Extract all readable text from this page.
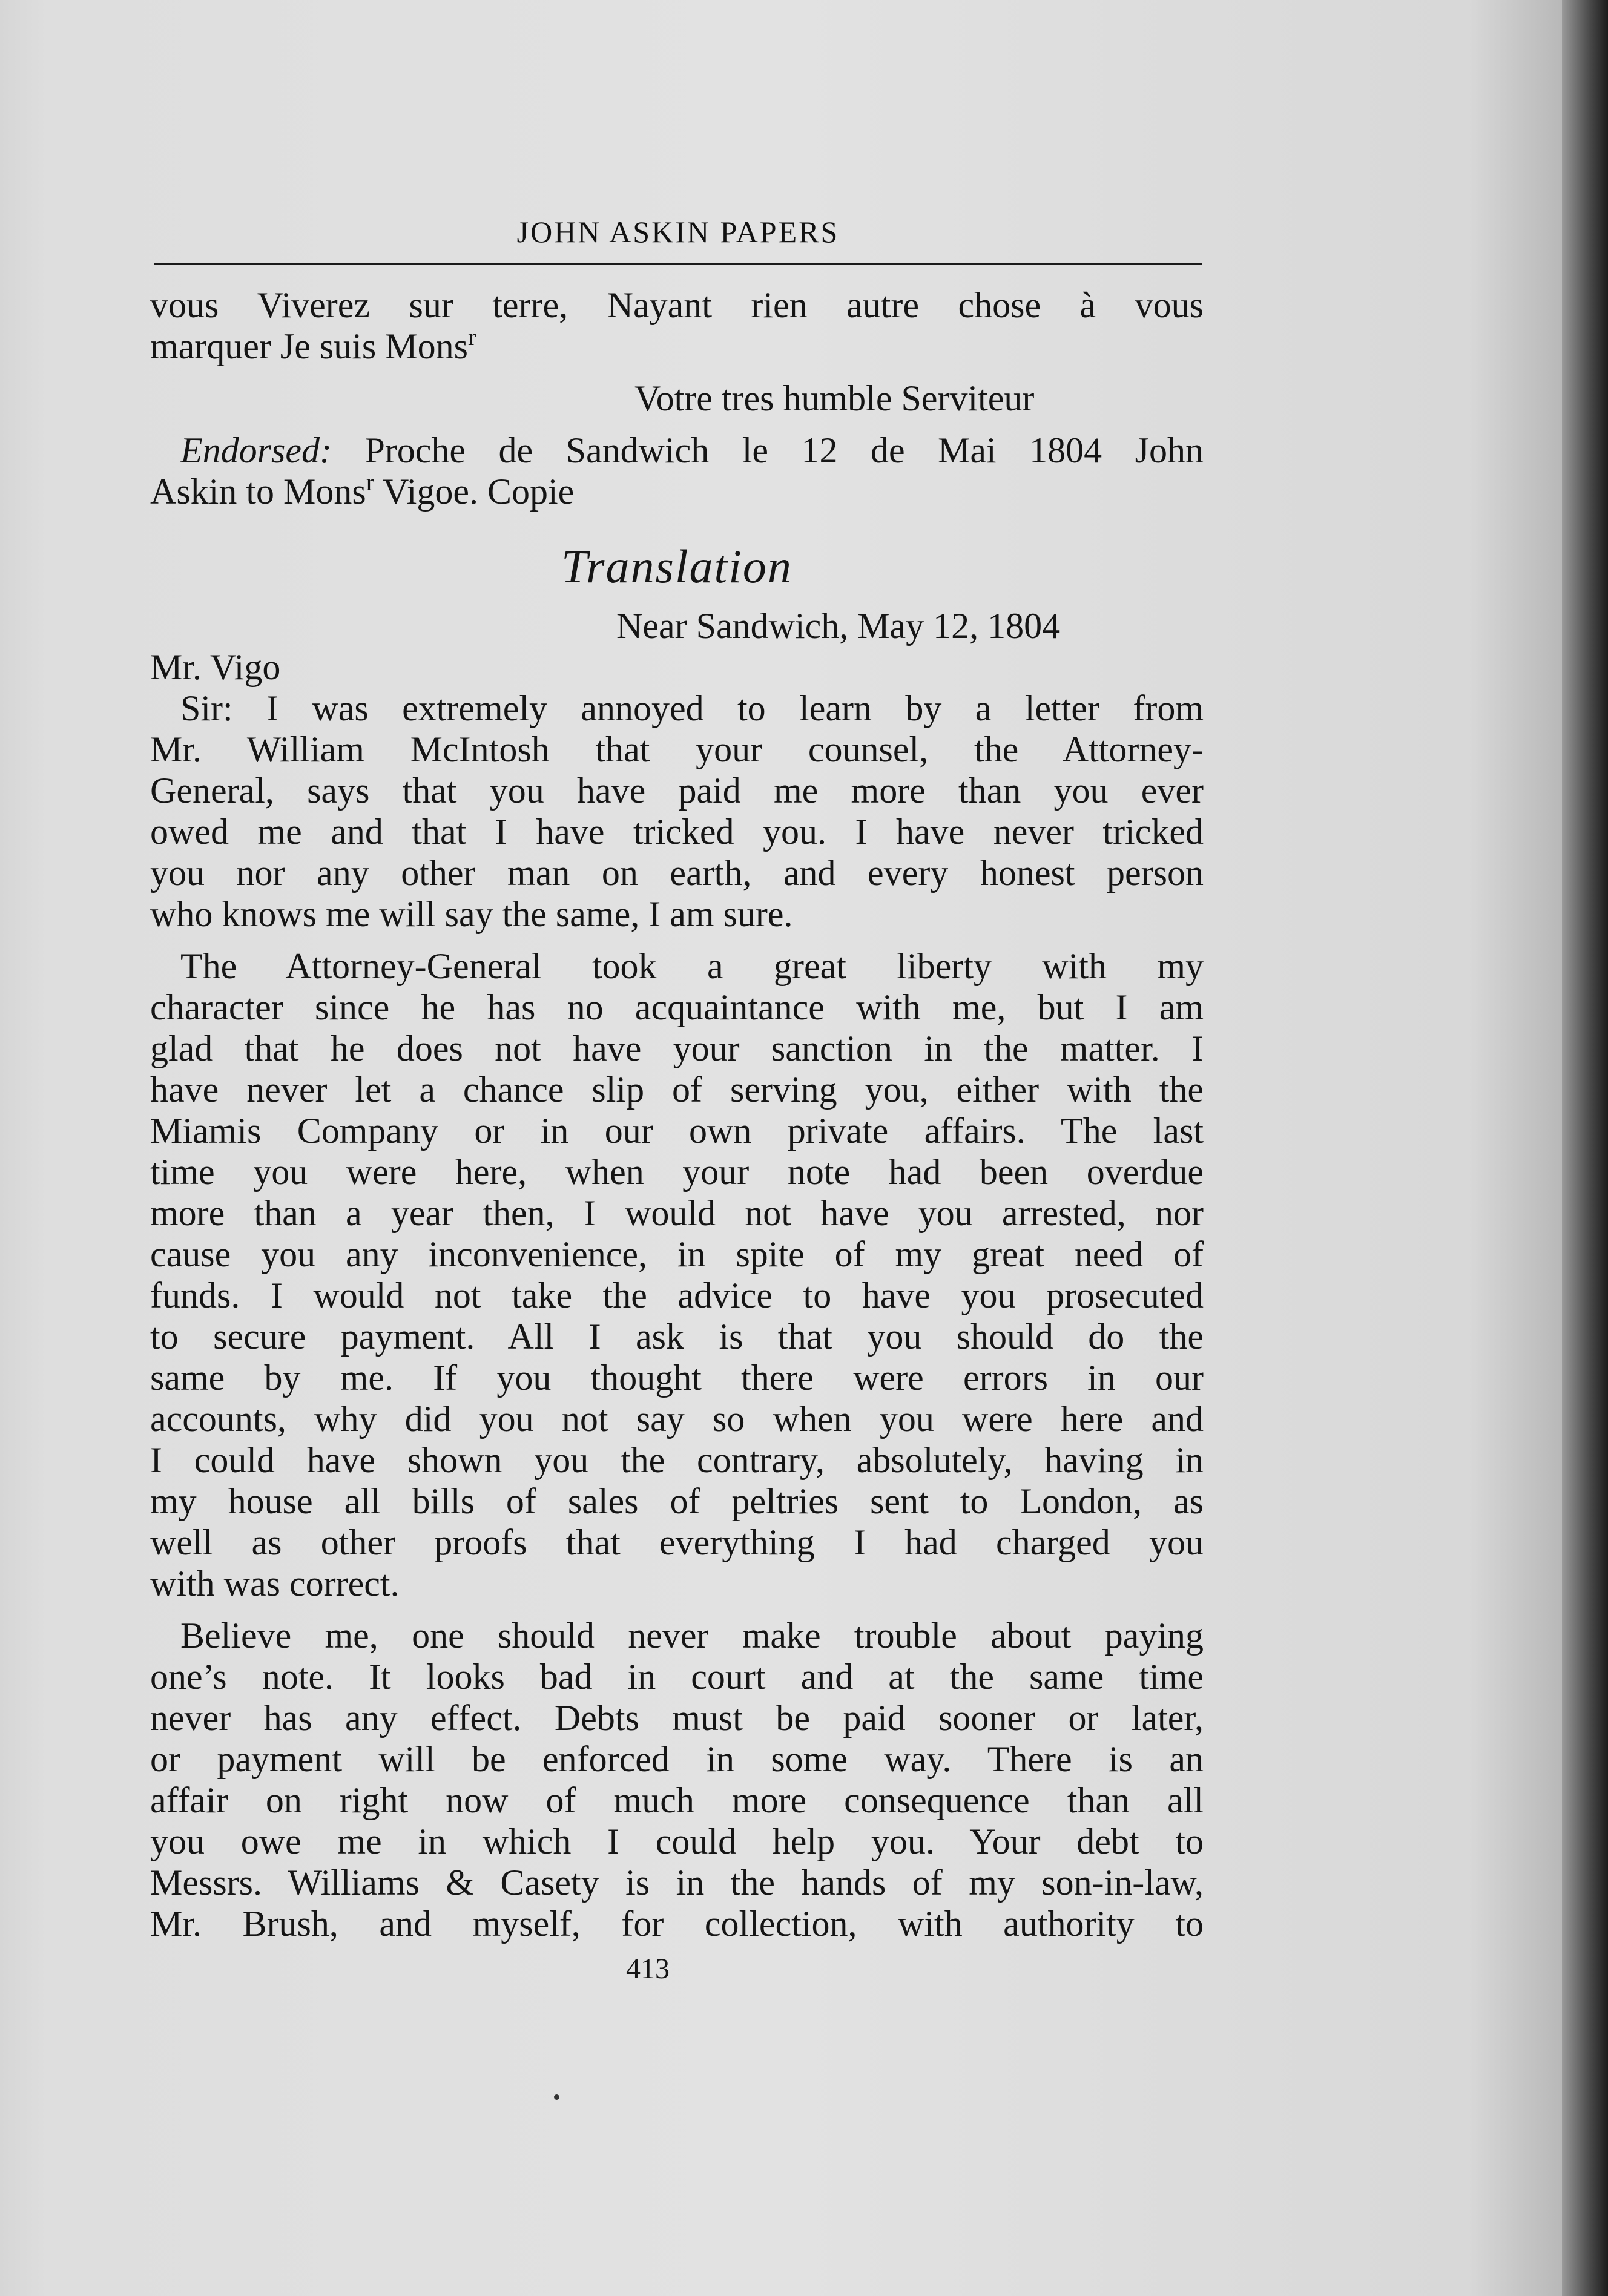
JOHN ASKIN PAPERS
vous Viverez sur terre, Nayant rien autre chose à vous
marquer Je suis Mons$^r$
Votre tres humble Serviteur
Endorsed: Proche de Sandwich le 12 de Mai 1804 John
Askin to Mons$^r$ Vigoe. Copie
Translation
Near Sandwich, May 12, 1804
Mr. Vigo
Sir: I was extremely annoyed to learn by a letter from
Mr. William McIntosh that your counsel, the Attorney-
General, says that you have paid me more than you ever
owed me and that I have tricked you. I have never tricked
you nor any other man on earth, and every honest person
who knows me will say the same, I am sure.
The Attorney-General took a great liberty with my
character since he has no acquaintance with me, but I am
glad that he does not have your sanction in the matter. I
have never let a chance slip of serving you, either with the
Miamis Company or in our own private affairs. The last
time you were here, when your note had been overdue
more than a year then, I would not have you arrested, nor
cause you any inconvenience, in spite of my great need of
funds. I would not take the advice to have you prosecuted
to secure payment. All I ask is that you should do the
same by me. If you thought there were errors in our
accounts, why did you not say so when you were here and
I could have shown you the contrary, absolutely, having in
my house all bills of sales of peltries sent to London, as
well as other proofs that everything I had charged you
with was correct.
Believe me, one should never make trouble about paying
one’s note. It looks bad in court and at the same time
never has any effect. Debts must be paid sooner or later,
or payment will be enforced in some way. There is an
affair on right now of much more consequence than all
you owe me in which I could help you. Your debt to
Messrs. Williams & Casety is in the hands of my son-in-law,
Mr. Brush, and myself, for collection, with authority to
413
